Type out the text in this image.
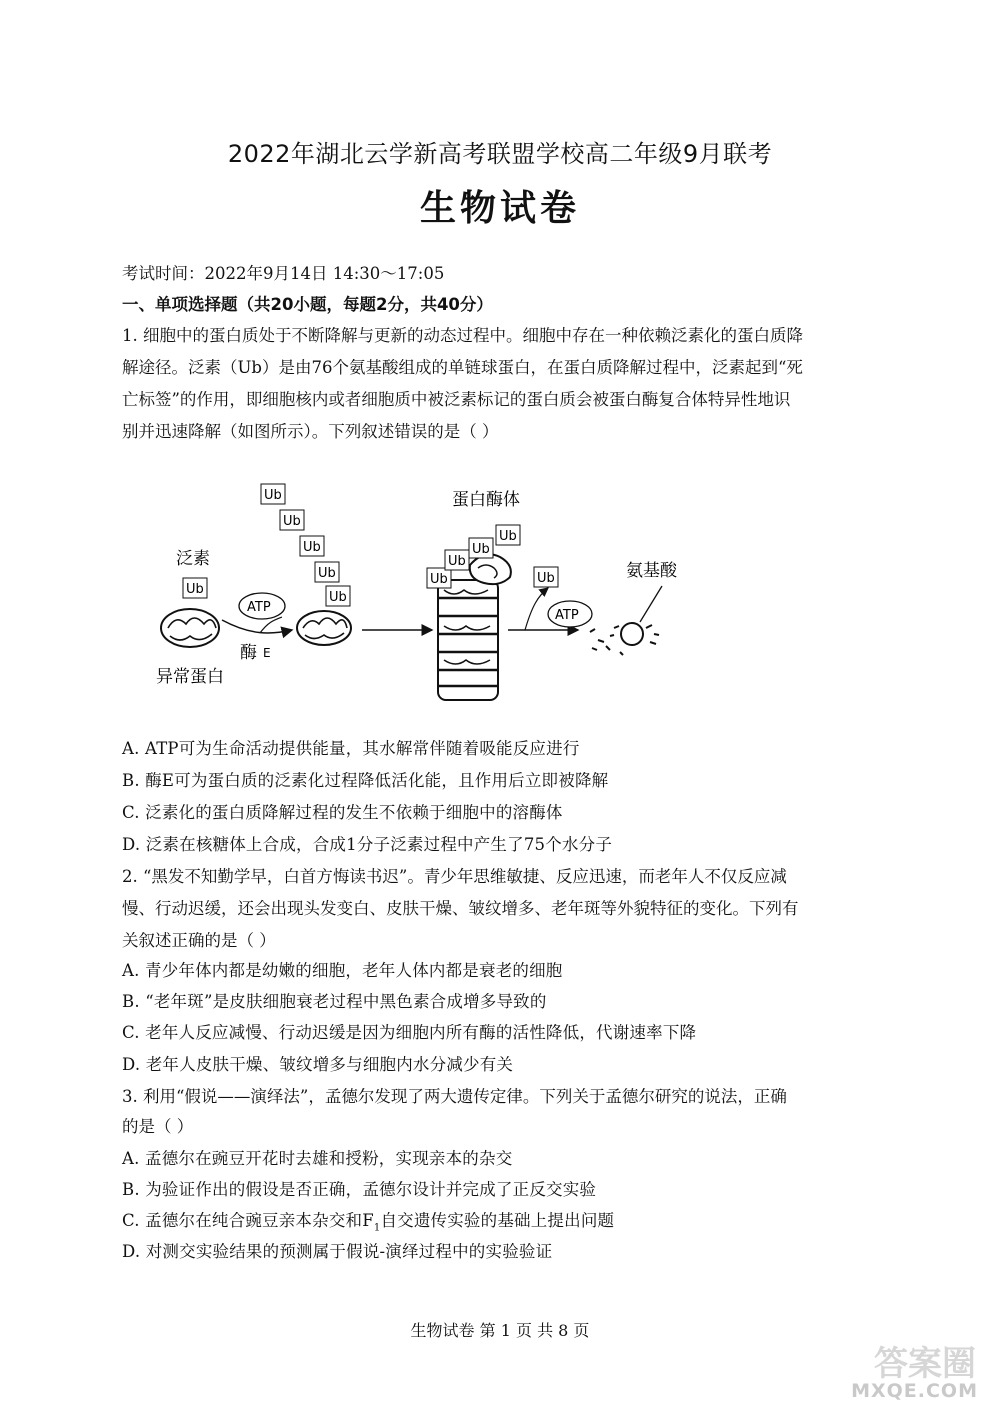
2022年湖北云学新高考联盟学校高二年级9月联考
生物试卷
考试时间：2022年9月14日 14:30～17:05
一、单项选择题（共20小题，每题2分，共40分）
1. 细胞中的蛋白质处于不断降解与更新的动态过程中。细胞中存在一种依赖泛素化的蛋白质降
解途径。泛素（Ub）是由76个氨基酸组成的单链球蛋白，在蛋白质降解过程中，泛素起到“死
亡标签”的作用，即细胞核内或者细胞质中被泛素标记的蛋白质会被蛋白酶复合体特异性地识
别并迅速降解（如图所示）。下列叙述错误的是（ ）
Ub
Ub
Ub
Ub
Ub
泛素
Ub
异常蛋白
ATP
酶 E
蛋白酶体
Ub
Ub
Ub
Ub
Ub
ATP
氨基酸
A. ATP可为生命活动提供能量，其水解常伴随着吸能反应进行
B. 酶E可为蛋白质的泛素化过程降低活化能，且作用后立即被降解
C. 泛素化的蛋白质降解过程的发生不依赖于细胞中的溶酶体
D. 泛素在核糖体上合成，合成1分子泛素过程中产生了75个水分子
2. “黑发不知勤学早，白首方悔读书迟”。青少年思维敏捷、反应迅速，而老年人不仅反应减
慢、行动迟缓，还会出现头发变白、皮肤干燥、皱纹增多、老年斑等外貌特征的变化。下列有
关叙述正确的是（ ）
A. 青少年体内都是幼嫩的细胞，老年人体内都是衰老的细胞
B. “老年斑”是皮肤细胞衰老过程中黑色素合成增多导致的
C. 老年人反应减慢、行动迟缓是因为细胞内所有酶的活性降低，代谢速率下降
D. 老年人皮肤干燥、皱纹增多与细胞内水分减少有关
3. 利用“假说——演绎法”，孟德尔发现了两大遗传定律。下列关于孟德尔研究的说法，正确
的是（ ）
A. 孟德尔在豌豆开花时去雄和授粉，实现亲本的杂交
B. 为验证作出的假设是否正确，孟德尔设计并完成了正反交实验
C. 孟德尔在纯合豌豆亲本杂交和$F_1$自交遗传实验的基础上提出问题
D. 对测交实验结果的预测属于假说-演绎过程中的实验验证
生物试卷 第 1 页 共 8 页
答案圈
MXQE.COM
